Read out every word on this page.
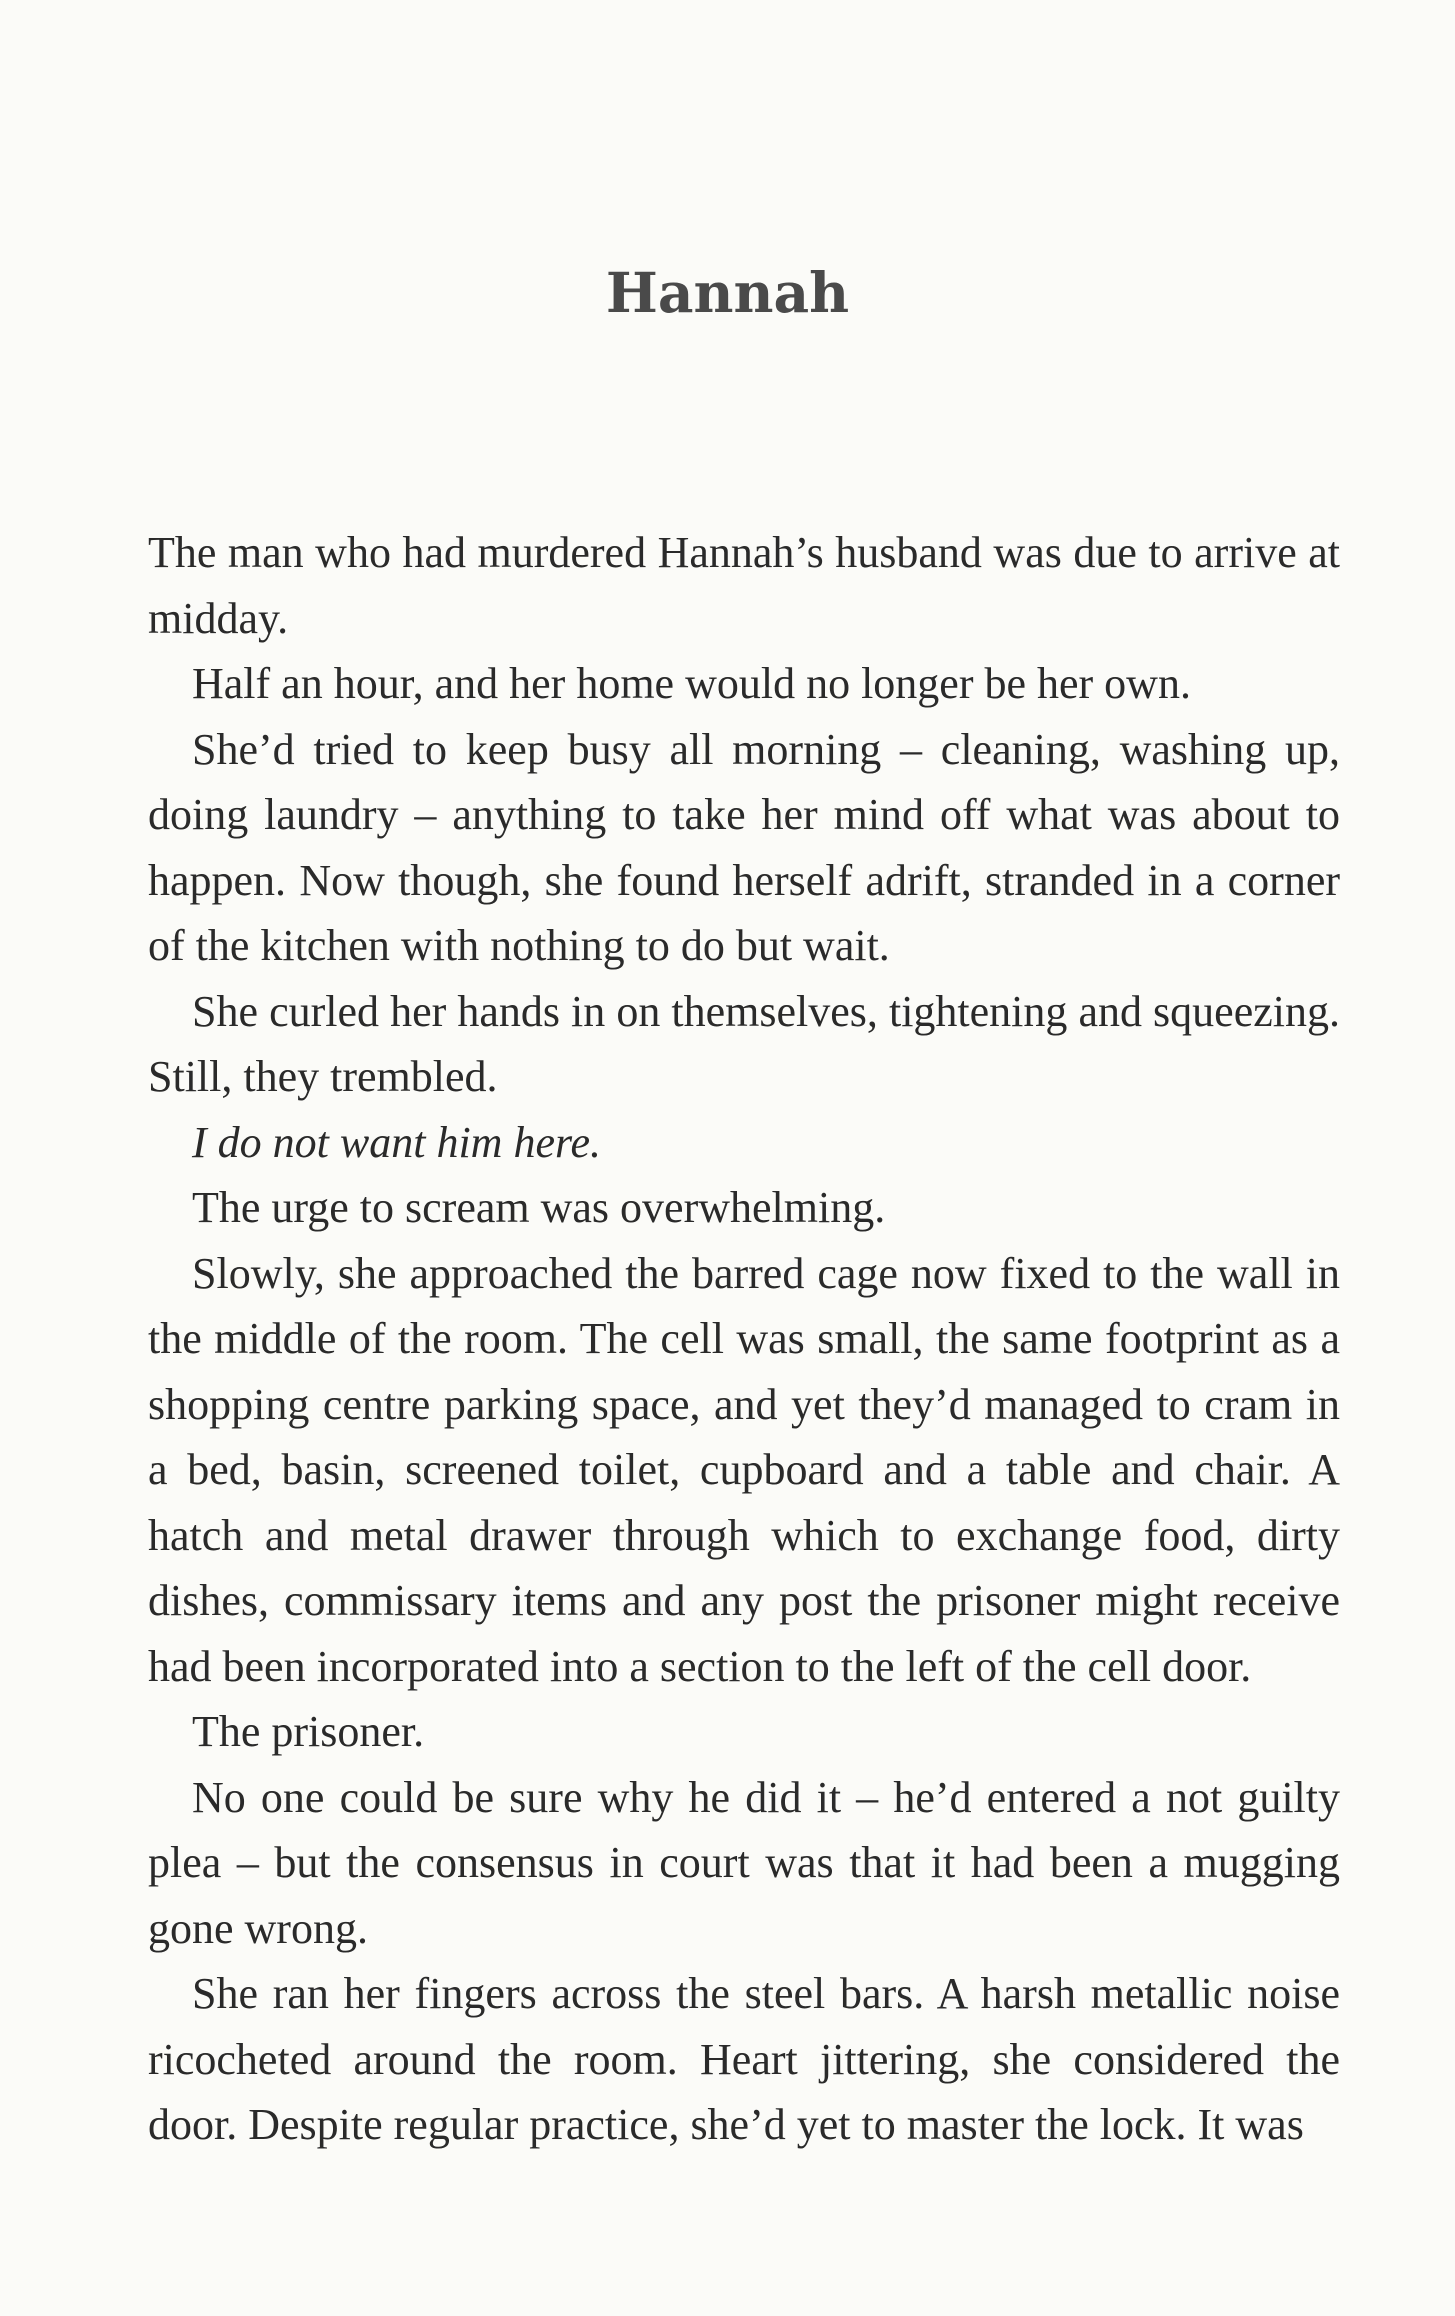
Hannah

The man who had murdered Hannah’s husband was due to arrive at midday.

Half an hour, and her home would no longer be her own.

She’d tried to keep busy all morning – cleaning, washing up, doing laundry – anything to take her mind off what was about to happen. Now though, she found herself adrift, stranded in a corner of the kitchen with nothing to do but wait.

She curled her hands in on themselves, tightening and squeezing. Still, they trembled.

I do not want him here.

The urge to scream was overwhelming.

Slowly, she approached the barred cage now fixed to the wall in the middle of the room. The cell was small, the same footprint as a shopping centre parking space, and yet they’d managed to cram in a bed, basin, screened toilet, cupboard and a table and chair. A hatch and metal drawer through which to exchange food, dirty dishes, commissary items and any post the prisoner might receive had been incorporated into a section to the left of the cell door.

The prisoner.

No one could be sure why he did it – he’d entered a not guilty plea – but the consensus in court was that it had been a mugging gone wrong.

She ran her fingers across the steel bars. A harsh metallic noise ricocheted around the room. Heart jittering, she considered the door. Despite regular practice, she’d yet to master the lock. It was
